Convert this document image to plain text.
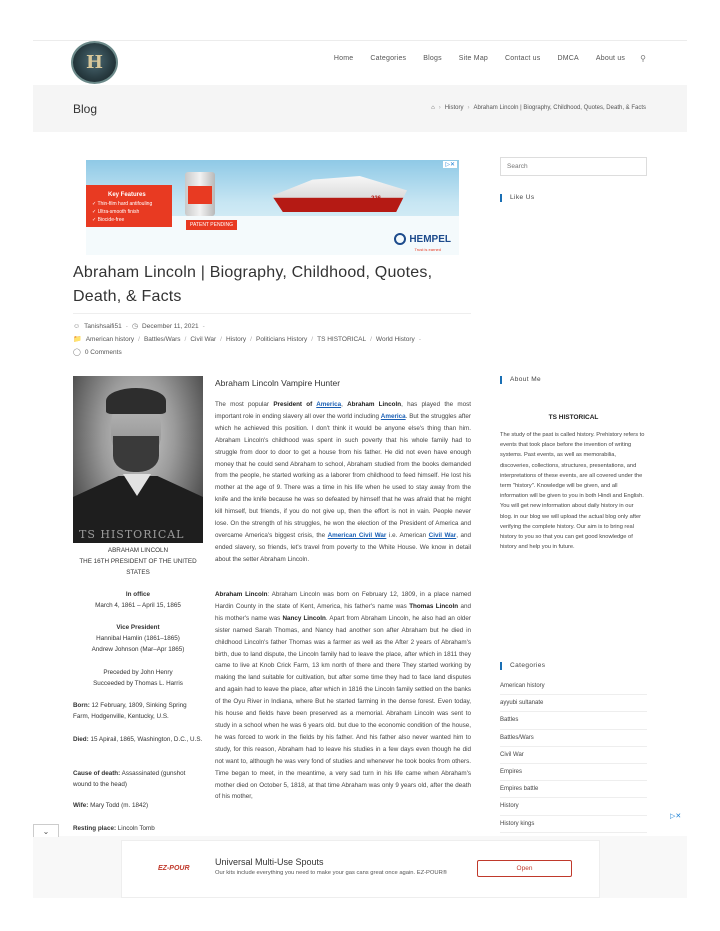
H	Home Categories Blogs Site Map Contact us DMCA About us ⚲
Blog	⌂ › History › Abraham Lincoln | Biography, Childhood, Quotes, Death, & Facts
Key Features
✓ Thin-film hard antifouling
✓ Ultra-smooth finish
✓ Biocide-free
226
PATENT PENDING
HEMPEL
Trust is earned
▷✕
Abraham Lincoln | Biography, Childhood, Quotes, Death, & Facts
☺ Tanishsaifi51 - ◷ December 11, 2021 -
📁 American history / Battles/Wars / Civil War / History / Politicians History / TS HISTORICAL / World History -
◯ 0 Comments
TS HISTORICAL
ABRAHAM LINCOLN
THE 16TH PRESIDENT OF THE UNITED STATES
In office
March 4, 1861 – April 15, 1865
Vice President
Hannibal Hamlin (1861–1865)
Andrew Johnson (Mar–Apr 1865)
Preceded by John Henry
Succeeded by Thomas L. Harris
Born: 12 February, 1809, Sinking Spring Farm, Hodgenville, Kentucky, U.S.
Died: 15 Apirail, 1865, Washington, D.C., U.S.
Cause of death: Assassinated (gunshot wound to the head)
Wife: Mary Todd (m. 1842)
Resting place: Lincoln Tomb
Abraham Lincoln Vampire Hunter

The most popular President of America, Abraham Lincoln, has played the most important role in ending slavery all over the world including America. But the struggles after which he achieved this position. I don't think it would be anyone else's thing than him. Abraham Lincoln's childhood was spent in such poverty that his whole family had to struggle from door to door to get a house from his father. He did not even have enough money that he could send Abraham to school, Abraham studied from the books demanded from the people, he started working as a laborer from childhood to feed himself. He lost his mother at the age of 9. There was a time in his life when he used to stay away from the knife and the knife because he was so defeated by himself that he was afraid that he might kill himself, but friends, if you do not give up, then the effort is not in vain. People never lose. On the strength of his struggles, he won the election of the President of America and overcame America's biggest crisis, the American Civil War i.e. American Civil War, and ended slavery, so friends, let's travel from poverty to the White House. We know in detail about the setter Abraham Lincoln.

Abraham Lincoln: Abraham Lincoln was born on February 12, 1809, in a place named Hardin County in the state of Kent, America, his father's name was Thomas Lincoln and his mother's name was Nancy Lincoln. Apart from Abraham Lincoln, he also had an older sister named Sarah Thomas, and Nancy had another son after Abraham but he died in childhood Lincoln's father Thomas was a farmer as well as the After 2 years of Abraham's birth, due to land dispute, the Lincoln family had to leave the place, after which in 1811 they came to live at Knob Crick Farm, 13 km north of there and there They started working by making the land suitable for cultivation, but after some time they had to face land disputes and again had to leave the place, after which in 1816 the Lincoln family settled on the banks of the Oyu River in Indiana, where But he started farming in the dense forest. Even today, his house and fields have been preserved as a memorial. Abraham Lincoln was sent to study in a school when he was 6 years old. but due to the economic condition of the house, he was forced to work in the fields by his father. And his father also never wanted him to study, for this reason, Abraham had to leave his studies in a few days even though he did not want to, although he was very fond of studies and whenever he took books from others. Time began to meet, in the meantime, a very sad turn in his life came when Abraham's mother died on October 5, 1818, at that time Abraham was only 9 years old, after the death of his mother,

Search
Like Us
About Me
TS HISTORICAL
The study of the past is called history. Prehistory refers to events that took place before the invention of writing systems. Past events, as well as memorabilia, discoveries, collections, structures, presentations, and interpretations of these events, are all covered under the term "history". Knowledge will be given, and all information will be given to you in both Hindi and English. You will get new information about daily history in our blog. in our blog we will upload the actual blog only after verifying the complete history. Our aim is to bring real history to you so that you can get good knowledge of history and help you in future.
Categories
American history
ayyubi sultanate
Battles
Battles/Wars
Civil War
Empires
Empires battle
History
History kings
⌄
▷✕
EZ-POUR
Universal Multi-Use Spouts
Our kits include everything you need to make your gas cans great once again. EZ-POUR®
Open
